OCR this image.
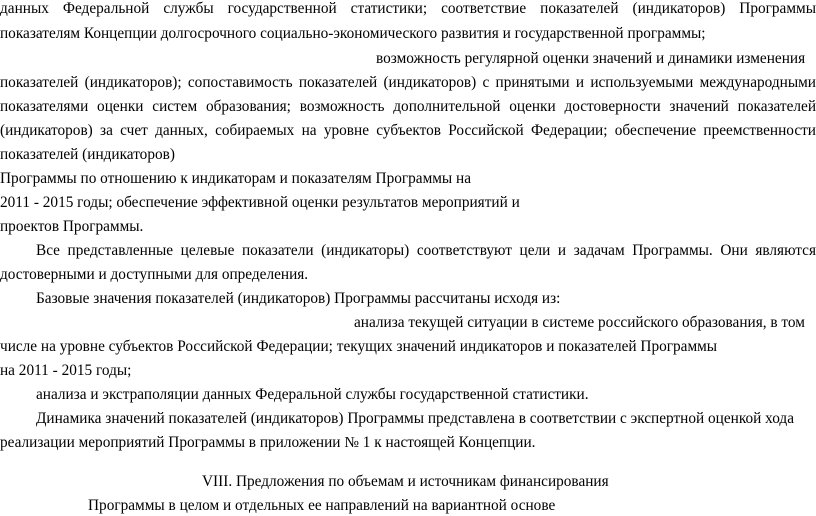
данных Федеральной службы государственной статистики; соответствие показателей (индикаторов) Программы
показателям Концепции долгосрочного социально-экономического развития и государственной программы;
возможность регулярной оценки значений и динамики изменения
показателей (индикаторов); сопоставимость показателей (индикаторов) с принятыми и используемыми международными
показателями оценки систем образования; возможность дополнительной оценки достоверности значений показателей
(индикаторов) за счет данных, собираемых на уровне субъектов Российской Федерации; обеспечение преемственности
показателей (индикаторов)
Программы по отношению к индикаторам и показателям Программы на
2011 - 2015 годы; обеспечение эффективной оценки результатов мероприятий и
проектов Программы.
Все представленные целевые показатели (индикаторы) соответствуют цели и задачам Программы. Они являются
достоверными и доступными для определения.
Базовые значения показателей (индикаторов) Программы рассчитаны исходя из:
анализа текущей ситуации в системе российского образования, в том
числе на уровне субъектов Российской Федерации; текущих значений индикаторов и показателей Программы
на 2011 - 2015 годы;
анализа и экстраполяции данных Федеральной службы государственной статистики.
Динамика значений показателей (индикаторов) Программы представлена в соответствии с экспертной оценкой хода
реализации мероприятий Программы в приложении № 1 к настоящей Концепции.
VIII. Предложения по объемам и источникам финансирования
Программы в целом и отдельных ее направлений на вариантной основе
